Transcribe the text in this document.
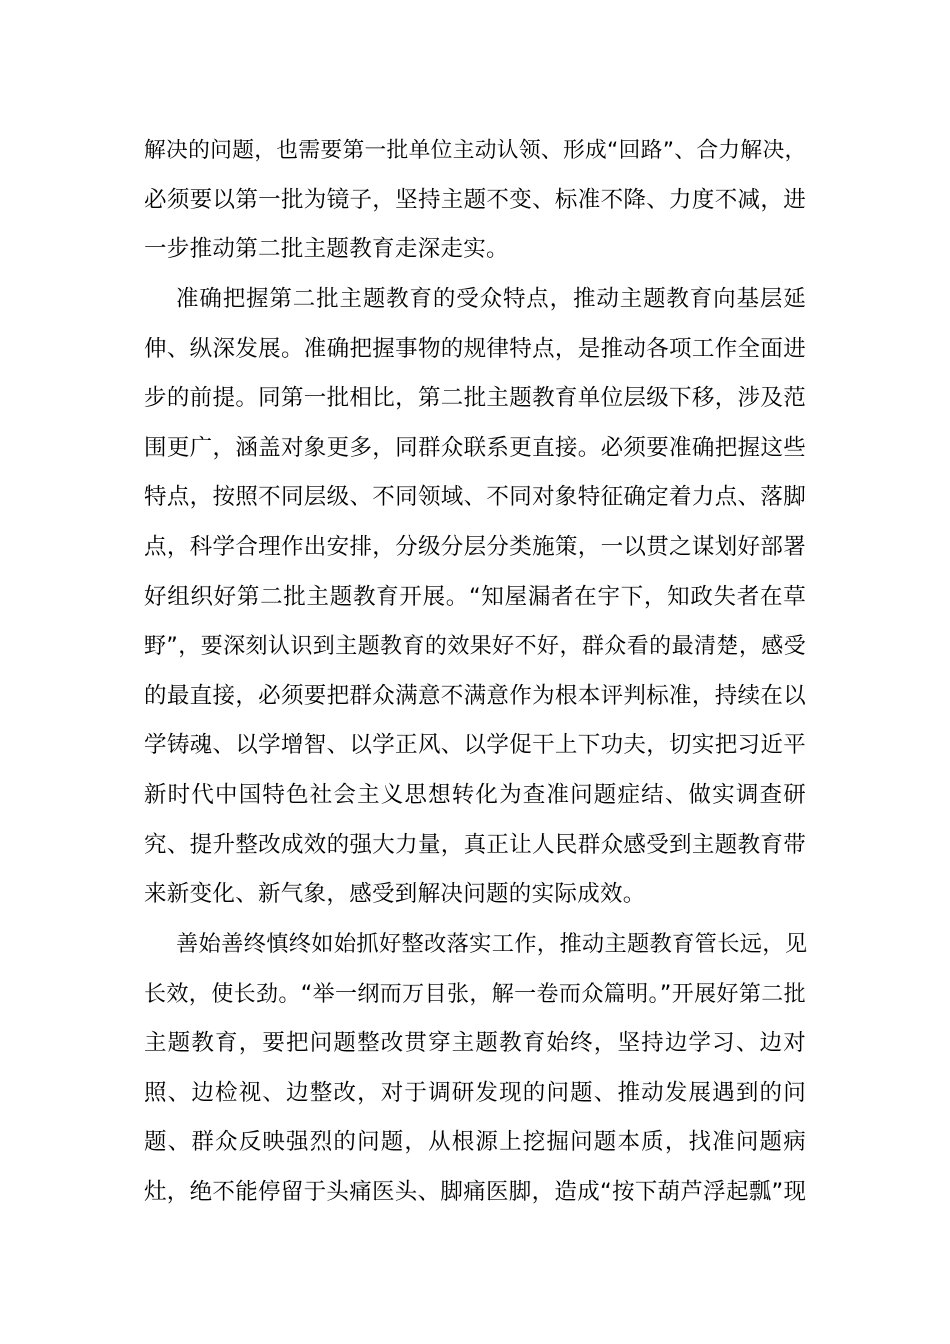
解决的问题，也需要第一批单位主动认领、形成“回路”、合力解决，
必须要以第一批为镜子，坚持主题不变、标准不降、力度不减，进
一步推动第二批主题教育走深走实。
准确把握第二批主题教育的受众特点，推动主题教育向基层延
伸、纵深发展。准确把握事物的规律特点，是推动各项工作全面进
步的前提。同第一批相比，第二批主题教育单位层级下移，涉及范
围更广，涵盖对象更多，同群众联系更直接。必须要准确把握这些
特点，按照不同层级、不同领域、不同对象特征确定着力点、落脚
点，科学合理作出安排，分级分层分类施策，一以贯之谋划好部署
好组织好第二批主题教育开展。“知屋漏者在宇下，知政失者在草
野”，要深刻认识到主题教育的效果好不好，群众看的最清楚，感受
的最直接，必须要把群众满意不满意作为根本评判标准，持续在以
学铸魂、以学增智、以学正风、以学促干上下功夫，切实把习近平
新时代中国特色社会主义思想转化为查准问题症结、做实调查研
究、提升整改成效的强大力量，真正让人民群众感受到主题教育带
来新变化、新气象，感受到解决问题的实际成效。
善始善终慎终如始抓好整改落实工作，推动主题教育管长远，见
长效，使长劲。“举一纲而万目张，解一卷而众篇明。”开展好第二批
主题教育，要把问题整改贯穿主题教育始终，坚持边学习、边对
照、边检视、边整改，对于调研发现的问题、推动发展遇到的问
题、群众反映强烈的问题，从根源上挖掘问题本质，找准问题病
灶，绝不能停留于头痛医头、脚痛医脚，造成“按下葫芦浮起瓢”现
